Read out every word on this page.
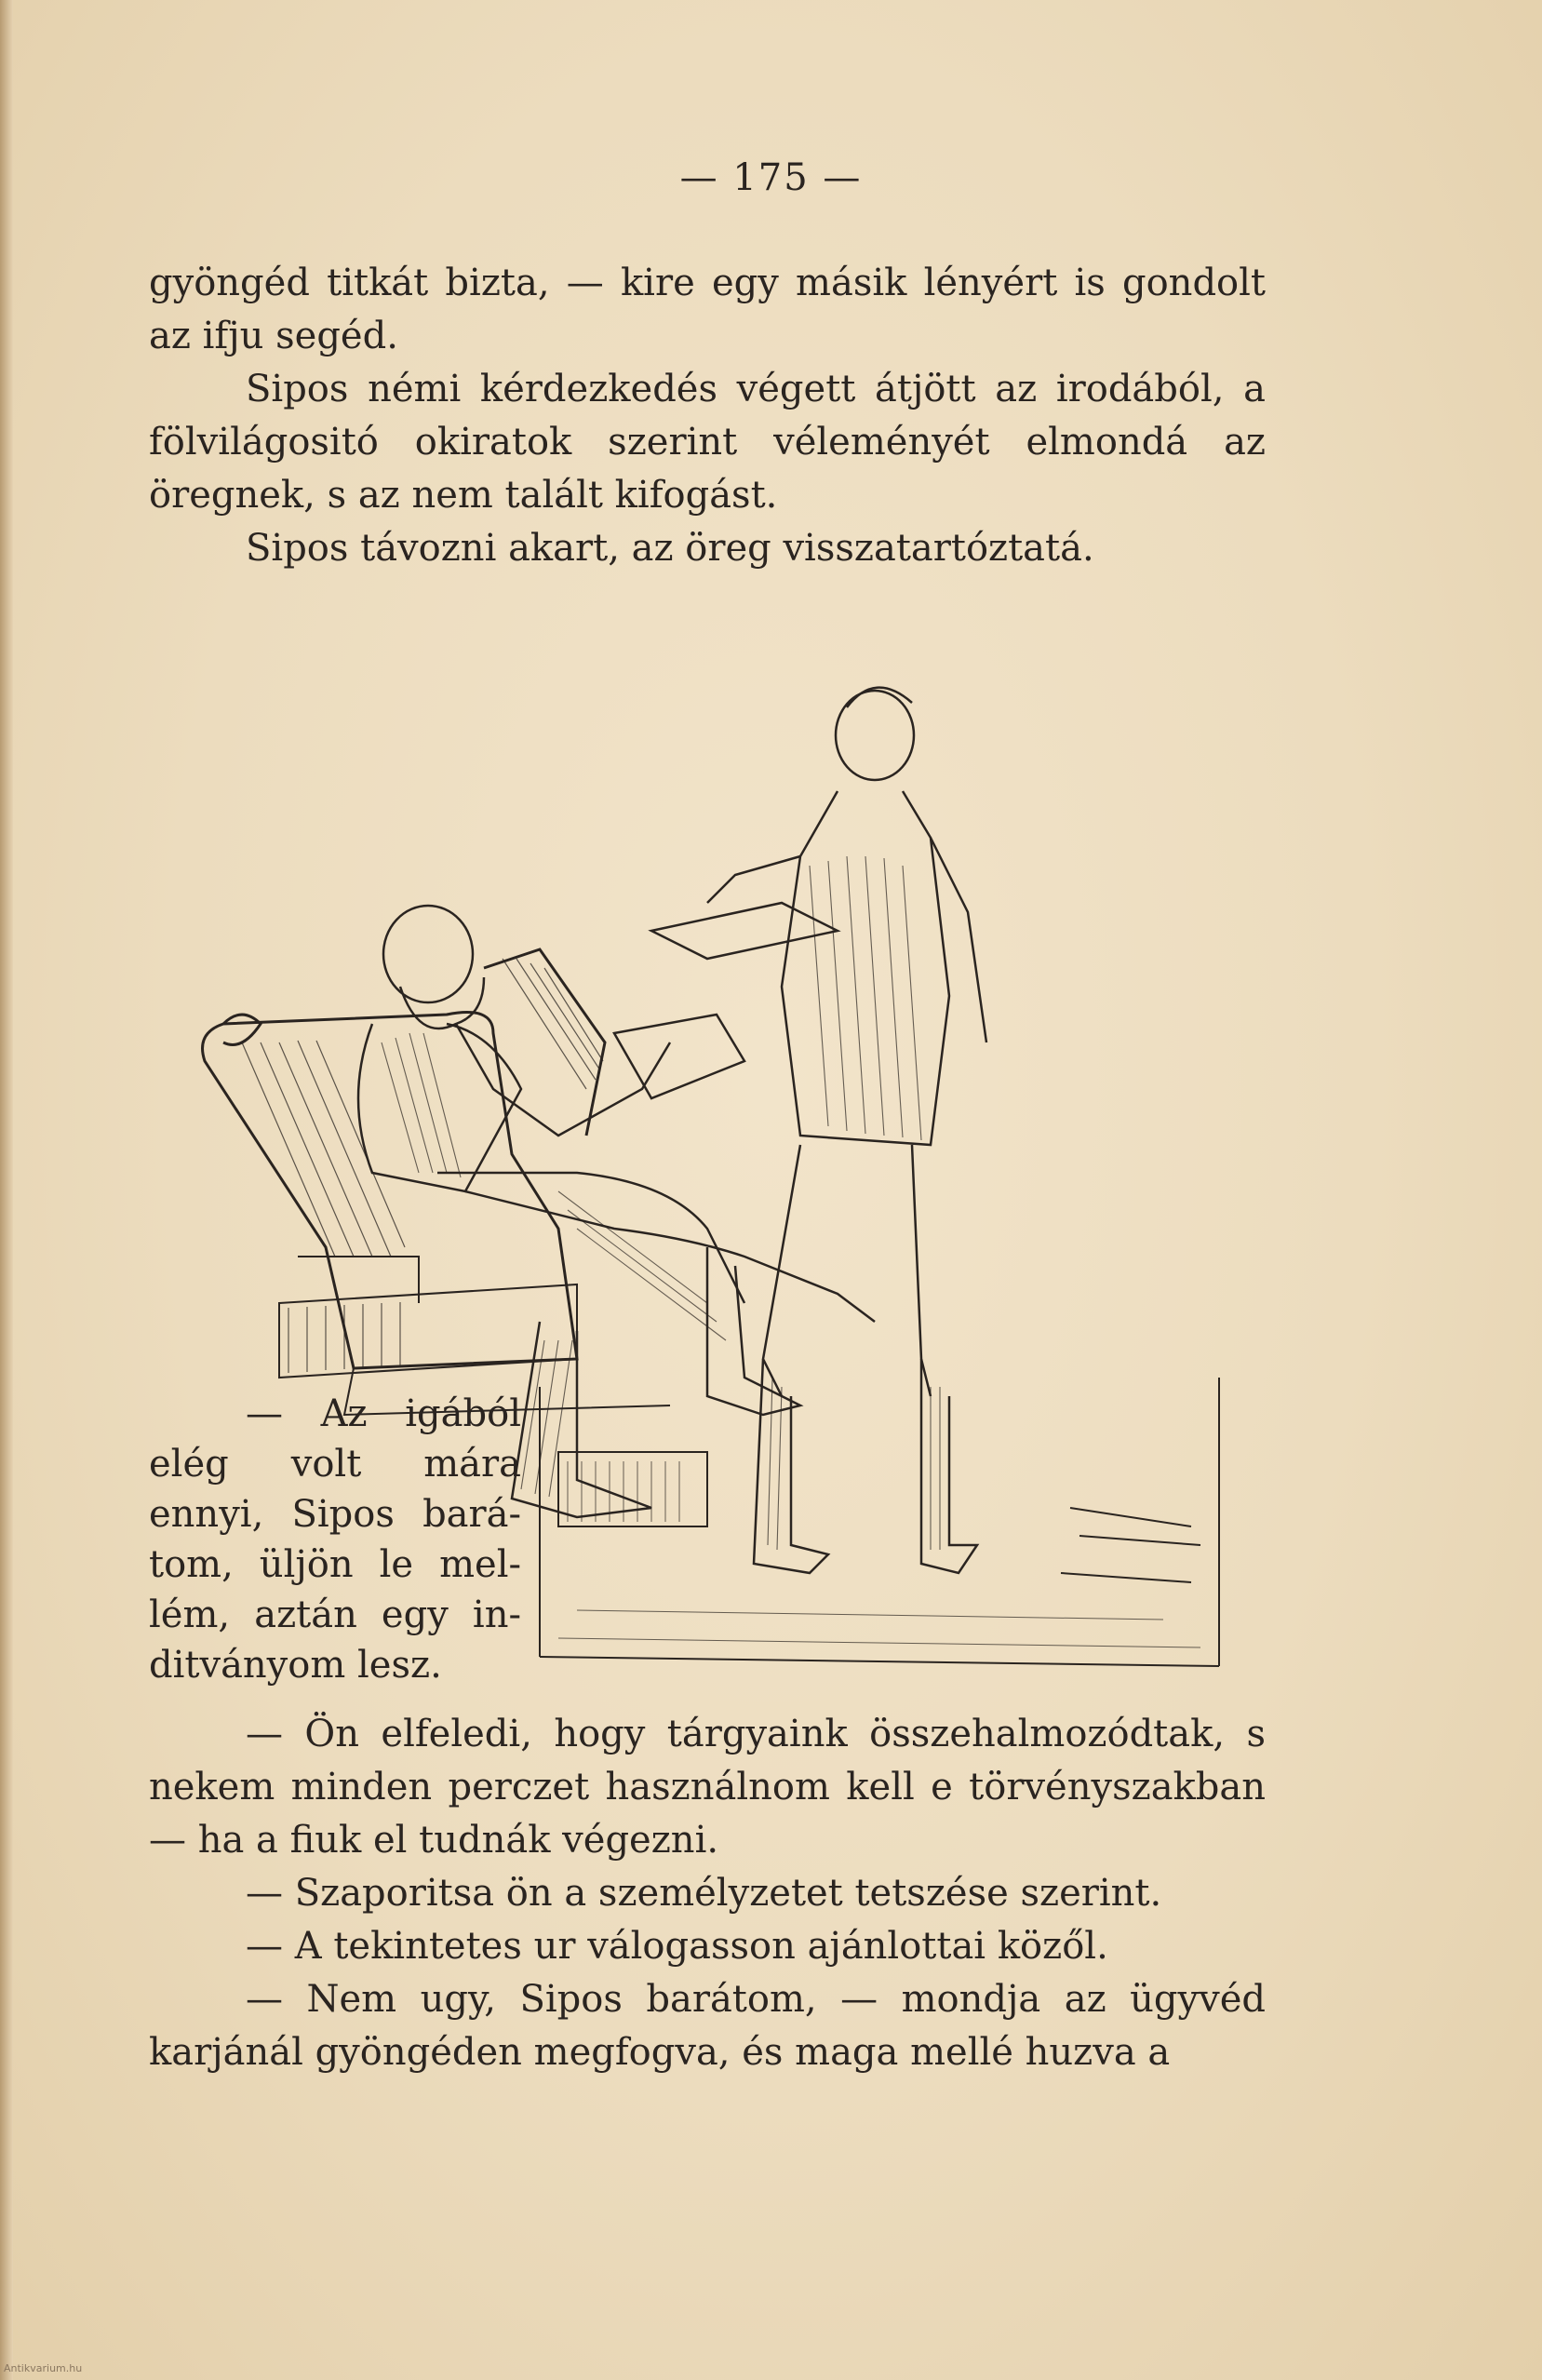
— 175 —

gyöngéd titkát bizta, — kire egy másik lényért is gondolt az ifju segéd.

Sipos némi kérdezkedés végett átjött az irodából, a fölvilágositó okiratok szerint véleményét elmondá az öregnek, s az nem talált kifogást.

Sipos távozni akart, az öreg visszatartóztatá.

— Az igából
elég volt mára
ennyi, Sipos bará-
tom, üljön le mel-
lém, aztán egy in-
ditványom lesz.

— Ön elfeledi, hogy tárgyaink összehalmozódtak, s nekem minden perczet használnom kell e törvényszakban — ha a fiuk el tudnák végezni.

— Szaporitsa ön a személyzetet tetszése szerint.

— A tekintetes ur válogasson ajánlottai közől.

— Nem ugy, Sipos barátom, — mondja az ügyvéd karjánál gyöngéden megfogva, és maga mellé huzva a

Antikvarium.hu
